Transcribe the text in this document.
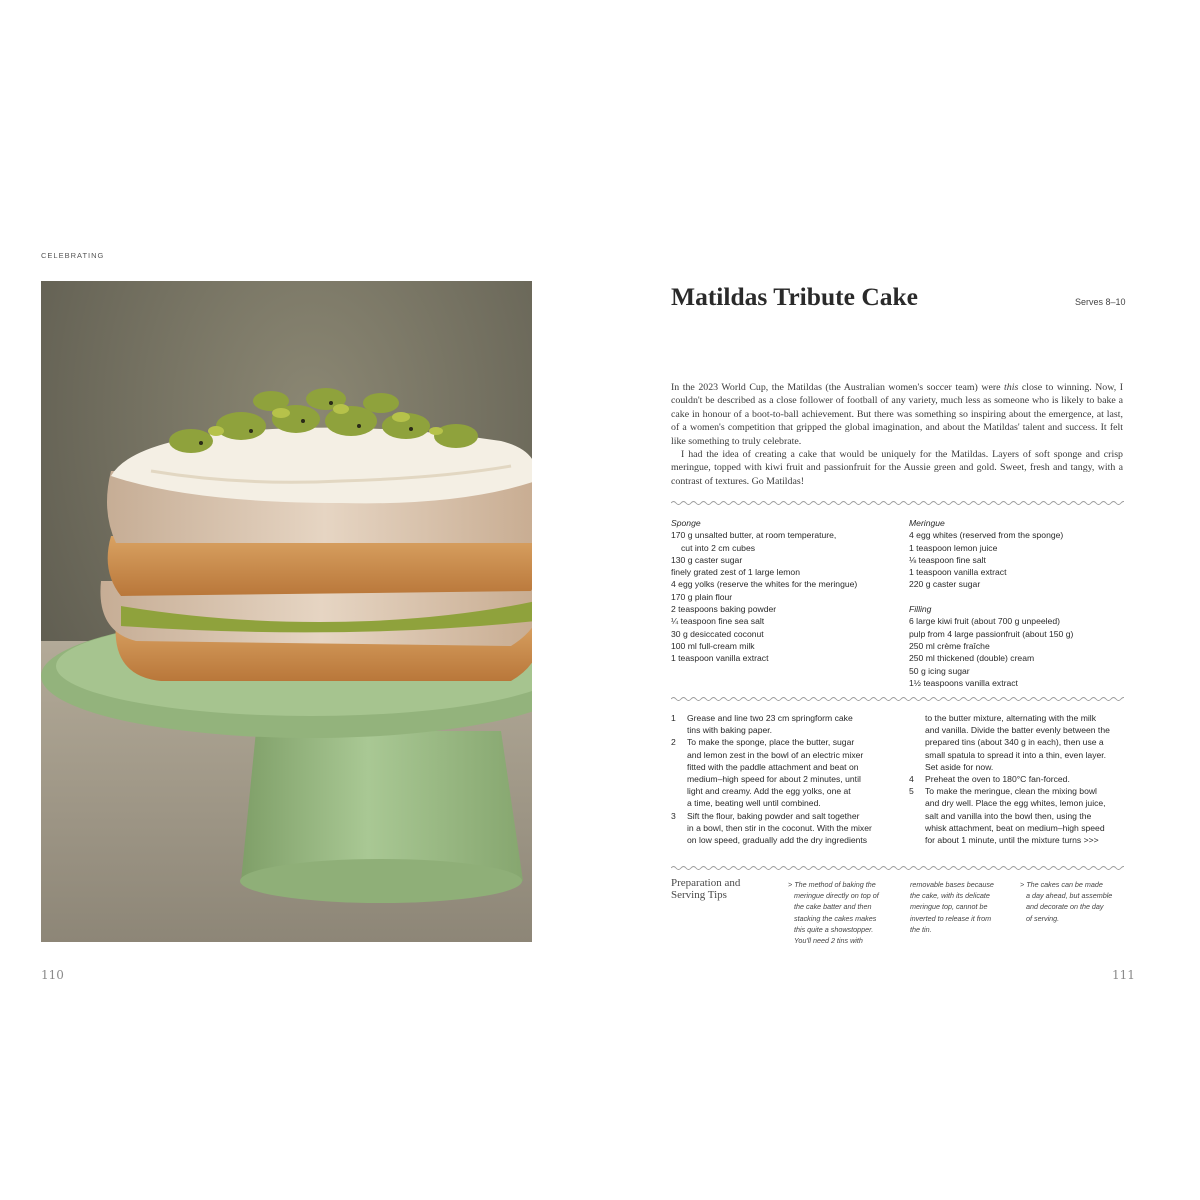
CELEBRATING
110
Matildas Tribute Cake	Serves 8–10

In the 2023 World Cup, the Matildas (the Australian women's soccer team) were this close to winning. Now, I couldn't be described as a close follower of football of any variety, much less as someone who is likely to bake a cake in honour of a boot-to-ball achievement. But there was something so inspiring about the emergence, at last, of a women's competition that gripped the global imagination, and about the Matildas' talent and success. It felt like something to truly celebrate.

I had the idea of creating a cake that would be uniquely for the Matildas. Layers of soft sponge and crisp meringue, topped with kiwi fruit and passionfruit for the Aussie green and gold. Sweet, fresh and tangy, with a contrast of textures. Go Matildas!

Sponge
170 g unsalted butter, at room temperature,
cut into 2 cm cubes
130 g caster sugar
finely grated zest of 1 large lemon
4 egg yolks (reserve the whites for the meringue)
170 g plain flour
2 teaspoons baking powder
¼ teaspoon fine sea salt
30 g desiccated coconut
100 ml full-cream milk
1 teaspoon vanilla extract
Meringue
4 egg whites (reserved from the sponge)
1 teaspoon lemon juice
⅛ teaspoon fine salt
1 teaspoon vanilla extract
220 g caster sugar
Filling
6 large kiwi fruit (about 700 g unpeeled)
pulp from 4 large passionfruit (about 150 g)
250 ml crème fraîche
250 ml thickened (double) cream
50 g icing sugar
1½ teaspoons vanilla extract
1	Grease and line two 23 cm springform cake
tins with baking paper.
2	To make the sponge, place the butter, sugar
and lemon zest in the bowl of an electric mixer
fitted with the paddle attachment and beat on
medium–high speed for about 2 minutes, until
light and creamy. Add the egg yolks, one at
a time, beating well until combined.
3	Sift the flour, baking powder and salt together
in a bowl, then stir in the coconut. With the mixer
on low speed, gradually add the dry ingredients
to the butter mixture, alternating with the milk
and vanilla. Divide the batter evenly between the
prepared tins (about 340 g in each), then use a
small spatula to spread it into a thin, even layer.
Set aside for now.
4	Preheat the oven to 180°C fan-forced.
5	To make the meringue, clean the mixing bowl
and dry well. Place the egg whites, lemon juice,
salt and vanilla into the bowl then, using the
whisk attachment, beat on medium–high speed
for about 1 minute, until the mixture turns >>>
Preparation and
Serving Tips
> The method of baking the
meringue directly on top of
the cake batter and then
stacking the cakes makes
this quite a showstopper.
You'll need 2 tins with
removable bases because
the cake, with its delicate
meringue top, cannot be
inverted to release it from
the tin.
> The cakes can be made
a day ahead, but assemble
and decorate on the day
of serving.
111
